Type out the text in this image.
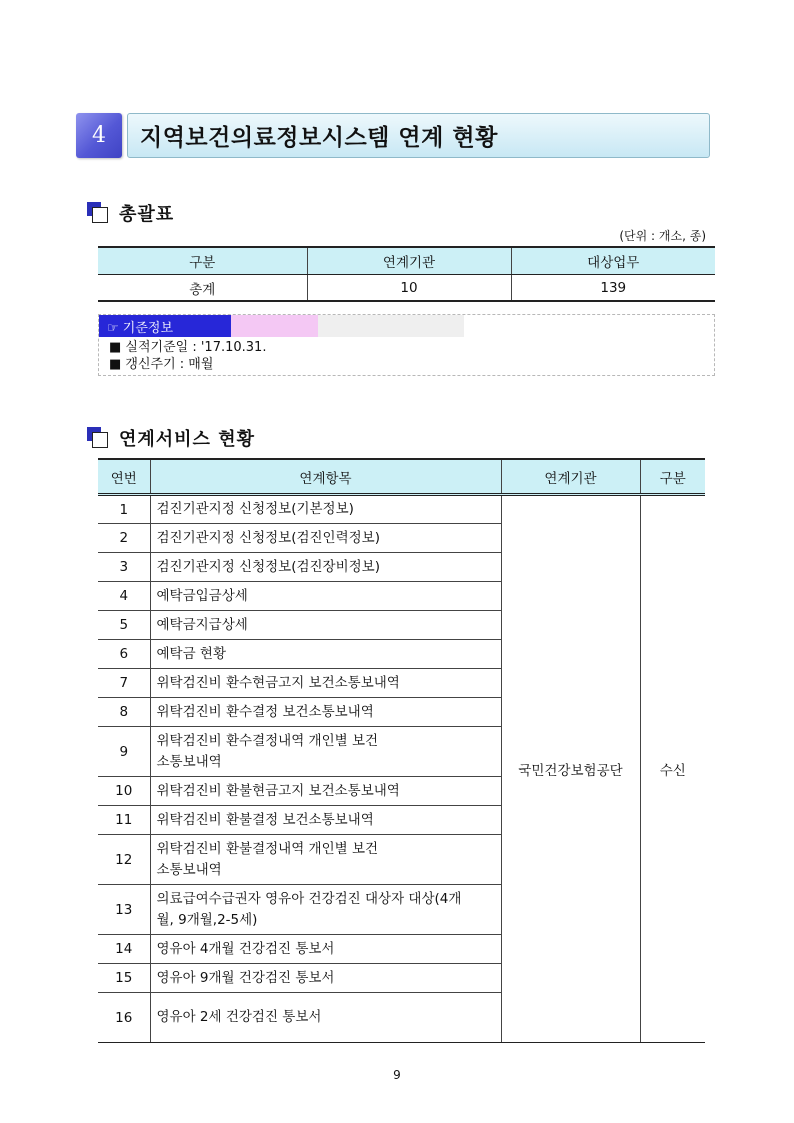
4 지역보건의료정보시스템 연계 현황
총괄표
(단위 : 개소, 종)
구분	연계기관	대상업무
총계	10	139
☞ 기준정보
■ 실적기준일 : '17.10.31.
■ 갱신주기 : 매월
연계서비스 현황
연번	연계항목	연계기관	구분
1	검진기관지정 신청정보(기본정보)	국민건강보험공단	수신
2	검진기관지정 신청정보(검진인력정보)		
3	검진기관지정 신청정보(검진장비정보)		
4	예탁금입금상세		
5	예탁금지급상세		
6	예탁금 현황		
7	위탁검진비 환수현금고지 보건소통보내역		
8	위탁검진비 환수결정 보건소통보내역		
9	위탁검진비 환수결정내역 개인별 보건소통보내역		
10	위탁검진비 환불현금고지 보건소통보내역		
11	위탁검진비 환불결정 보건소통보내역		
12	위탁검진비 환불결정내역 개인별 보건소통보내역		
13	의료급여수급권자 영유아 건강검진 대상자 대상(4개월, 9개월,2-5세)		
14	영유아 4개월 건강검진 통보서		
15	영유아 9개월 건강검진 통보서		
16	영유아 2세 건강검진 통보서		
9
